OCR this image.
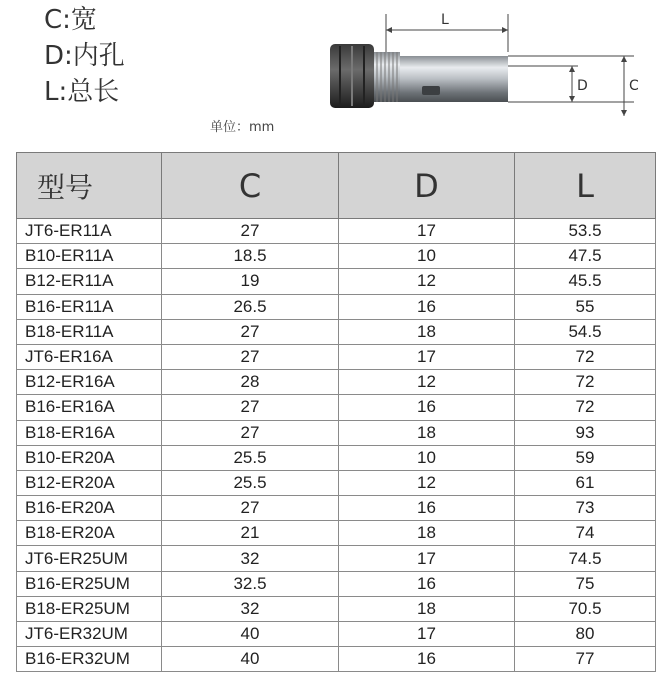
C:宽
D:内孔
L:总长
单位：mm
L
D	C
型号	C	D	L
JT6-ER11A	27	17	53.5
B10-ER11A	18.5	10	47.5
B12-ER11A	19	12	45.5
B16-ER11A	26.5	16	55
B18-ER11A	27	18	54.5
JT6-ER16A	27	17	72
B12-ER16A	28	12	72
B16-ER16A	27	16	72
B18-ER16A	27	18	93
B10-ER20A	25.5	10	59
B12-ER20A	25.5	12	61
B16-ER20A	27	16	73
B18-ER20A	21	18	74
JT6-ER25UM	32	17	74.5
B16-ER25UM	32.5	16	75
B18-ER25UM	32	18	70.5
JT6-ER32UM	40	17	80
B16-ER32UM	40	16	77
